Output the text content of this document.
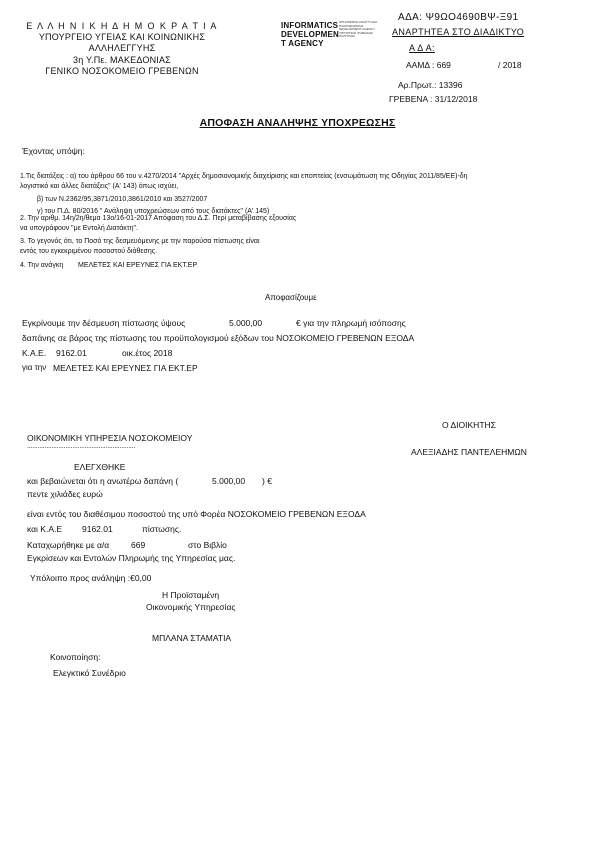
Ε Λ Λ Η Ν Ι Κ Η Δ Η Μ Ο Κ Ρ Α Τ Ι Α
ΥΠΟΥΡΓΕΙΟ ΥΓΕΙΑΣ ΚΑΙ ΚΟΙΝΩΝΙΚΗΣ
ΑΛΛΗΛΕΓΓΥΗΣ
3η Υ.Πε. ΜΑΚΕΔΟΝΙΑΣ
ΓΕΝΙΚΟ ΝΟΣΟΚΟΜΕΙΟ ΓΡΕΒΕΝΩΝ
INFORMATICS
DEVELOPMEN
T AGENCY
ΟΡΓΑΝΙΣΜΟΣ ΑΝΑΠΤΥΞΗΣ ΠΛΗΡΟΦΟΡΙΚΗΣ DEVELOPMENT AGENCY ΥΠΟΥΡΓΕΙΟ ΨΗΦΙΑΚΗΣ ΠΟΛΙΤΙΚΗΣ
ΑΔΑ: Ψ9ΩΟ4690ΒΨ-Ξ91
ΑΝΑΡΤΗΤΕΑ ΣΤΟ ΔΙΑΔΙΚΤΥΟ
Α Δ Α:
ΑΑΜΔ : 669	/ 2018
Αρ.Πρωτ.: 13396
ΓΡΕΒΕΝΑ : 31/12/2018
ΑΠΟΦΑΣΗ ΑΝΑΛΗΨΗΣ ΥΠΟΧΡΕΩΣΗΣ
Έχοντας υπόψη:
1.Τις διατάξεις : α) του άρθρου 66 του ν.4270/2014 "Αρχές δημοσιονομικής διαχείρισης και εποπτείας (ενσωμάτωση της Οδηγίας 2011/85/ΕΕ)-δη
λογιστικό και άλλες διατάξεις" (Α' 143) όπως ισχύει,
β) των Ν.2362/95,3871/2010,3861/2010 και 3527/2007
γ) του Π.Δ. 80/2016 " Ανάληψη υποχρεώσεων από τους διατάκτες" (Α' 145)
2. Την αριθμ. 14η/2η/θεμα 13ο/16-01-2017 Απόφαση του Δ.Σ. Περί μεταβίβασης εξουσίας
να υπογράφουν "με Εντολή Διατάκτη".
3. Το γεγονός ότι, το Ποσό της δεσμευόμενης με την παρούσα πίστωσης είναι
εντός του εγκεκριμένου ποσοστού διάθεσης.
4. Την ανάγκη ΜΕΛΕΤΕΣ ΚΑΙ ΕΡΕΥΝΕΣ ΓΙΑ ΕΚΤ.ΕΡ
Αποφασίζουμε
Εγκρίνουμε την δέσμευση πίστωσης ύψους	5.000,00	€ για την πληρωμή ισόποσης
δαπάνης σε βάρος της πίστωσης του προϋπολογισμού εξόδων του ΝΟΣΟΚΟΜΕΙΟ ΓΡΕΒΕΝΩΝ ΕΞΟΔΑ
Κ.Α.Ε. 9162.01	οικ.έτος 2018
για την ΜΕΛΕΤΕΣ ΚΑΙ ΕΡΕΥΝΕΣ ΓΙΑ ΕΚΤ.ΕΡ
Ο ΔΙΟΙΚΗΤΗΣ
ΑΛΕΞΙΑΔΗΣ ΠΑΝΤΕΛΕΗΜΩΝ
ΟΙΚΟΝΟΜΙΚΗ ΥΠΗΡΕΣΙΑ ΝΟΣΟΚΟΜΕΙΟΥ
..............................................................
ΕΛΕΓΧΘΗΚΕ
και βεβαιώνεται ότι η ανωτέρω δαπάνη (	5.000,00 ) €
πεντε χιλιάδες ευρώ
είναι εντός του διαθέσιμου ποσοστού της υπό Φορέα ΝΟΣΟΚΟΜΕΙΟ ΓΡΕΒΕΝΩΝ ΕΞΟΔΑ
και Κ.Α.Ε 9162.01	πίστωσης.
Καταχωρήθηκε με α/α	669	στο Βιβλίο
Εγκρίσεων και Εντολών Πληρωμής της Υπηρεσίας μας.
Υπόλοιπο προς ανάληψη :€0,00
Η Προϊσταμένη
Οικονομικής Υπηρεσίας
ΜΠΛΑΝΑ ΣΤΑΜΑΤΙΑ
Κοινοποίηση:
Ελεγκτικό Συνέδριο
